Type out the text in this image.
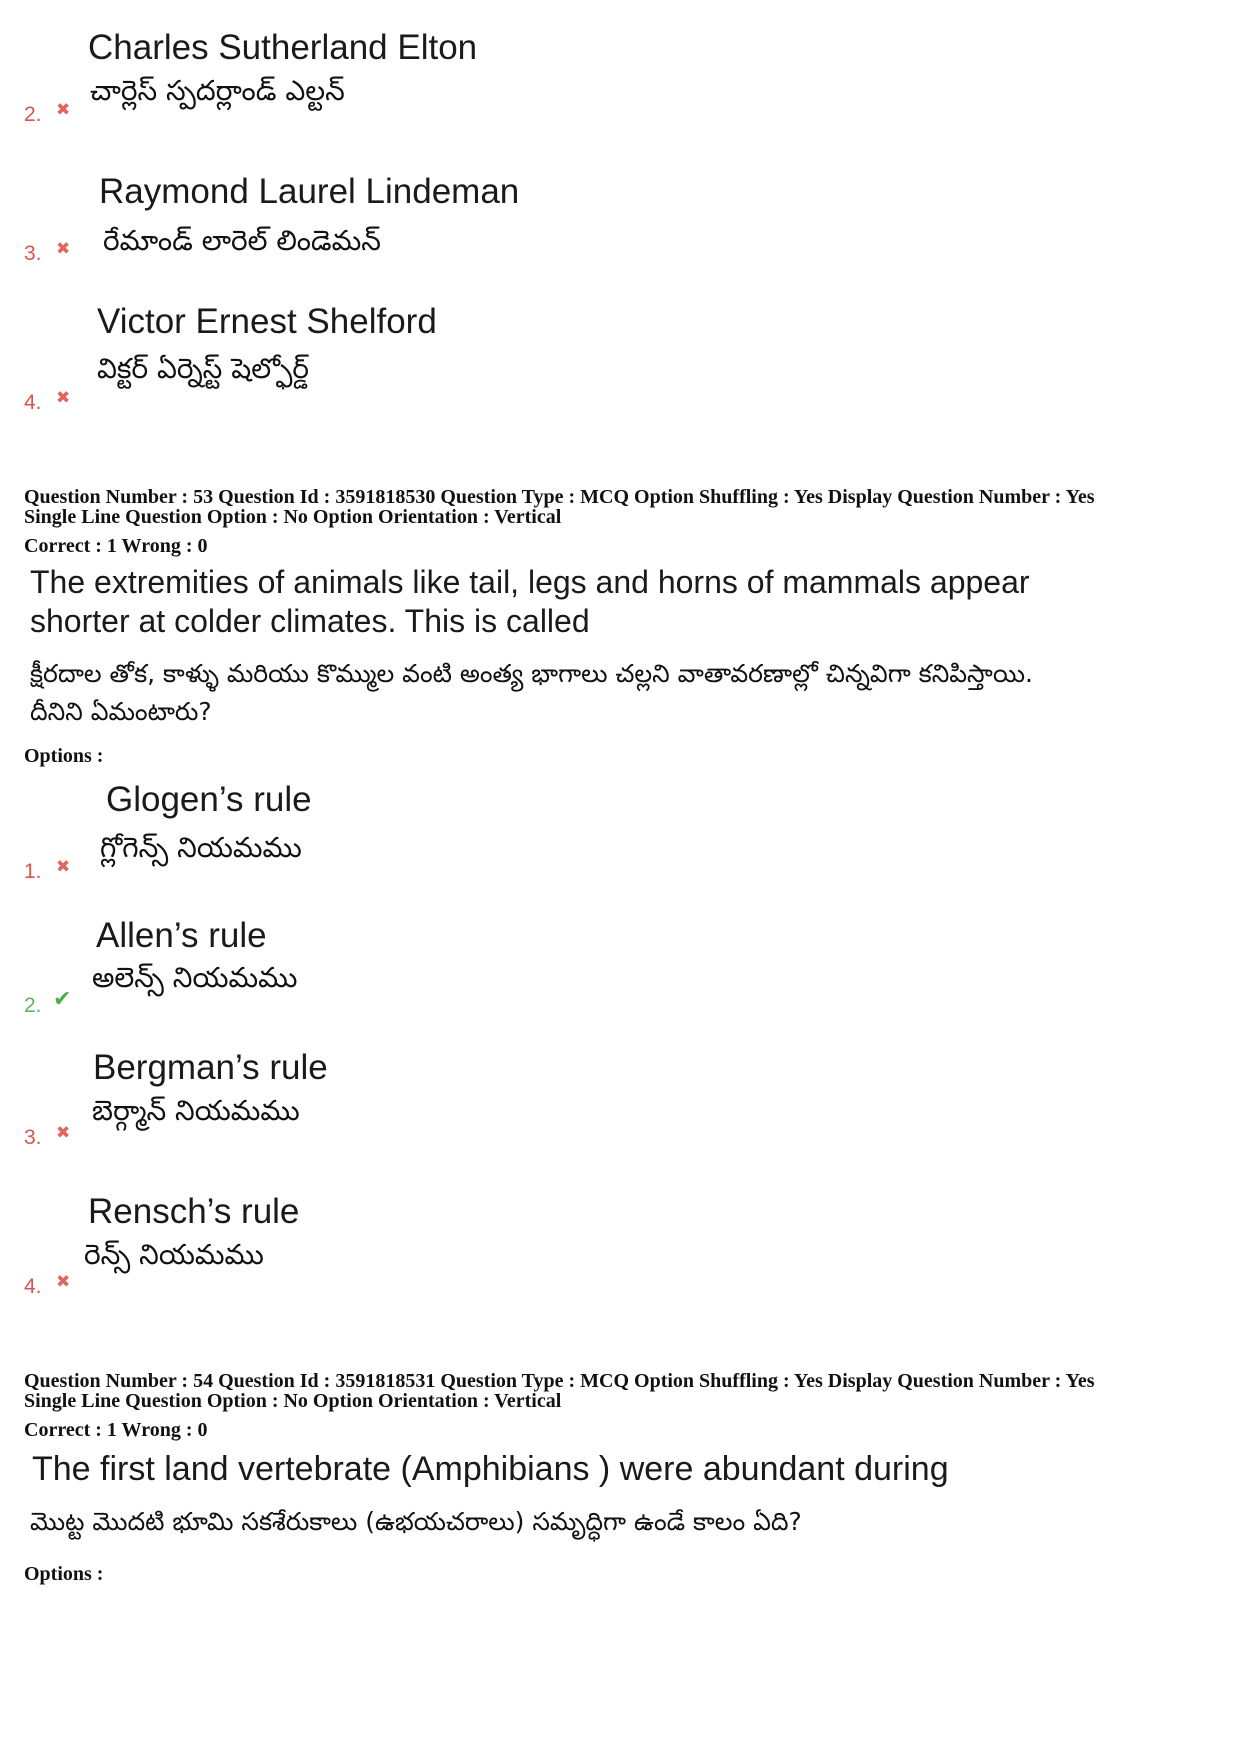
Charles Sutherland Elton
చార్లెస్ స్పదర్లాండ్ ఎల్టన్
2. ✖
Raymond Laurel Lindeman
రేమాండ్ లారెల్ లిండెమన్
3. ✖
Victor Ernest Shelford
విక్టర్ ఏర్నెస్ట్ షెల్ఫోర్డ్
4. ✖
Question Number : 53 Question Id : 3591818530 Question Type : MCQ Option Shuffling : Yes Display Question Number : Yes
Single Line Question Option : No Option Orientation : Vertical
Correct : 1 Wrong : 0
The extremities of animals like tail, legs and horns of mammals appear
shorter at colder climates. This is called
క్షీరదాల తోక, కాళ్ళు మరియు కొమ్ముల వంటి అంత్య భాగాలు చల్లని వాతావరణాల్లో చిన్నవిగా కనిపిస్తాయి.
దీనిని ఏమంటారు?
Options :
Glogen’s rule
గ్లోగెన్స్ నియమము
1. ✖
Allen’s rule
అలెన్స్ నియమము
2. ✔
Bergman’s rule
బెర్గ్మాన్ నియమము
3. ✖
Rensch’s rule
రెన్స్ నియమము
4. ✖
Question Number : 54 Question Id : 3591818531 Question Type : MCQ Option Shuffling : Yes Display Question Number : Yes
Single Line Question Option : No Option Orientation : Vertical
Correct : 1 Wrong : 0
The first land vertebrate (Amphibians ) were abundant during
మొట్ట మొదటి భూమి సకశేరుకాలు (ఉభయచరాలు) సమృద్ధిగా ఉండే కాలం ఏది?
Options :
